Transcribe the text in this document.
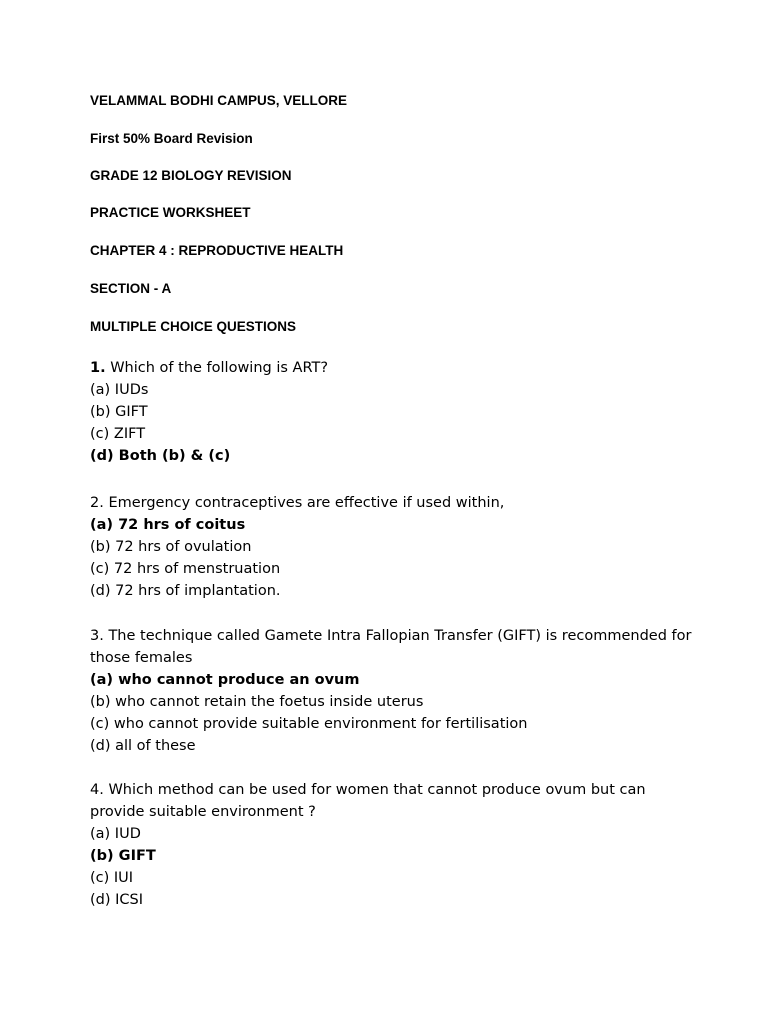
VELAMMAL BODHI CAMPUS, VELLORE
First 50% Board Revision
GRADE 12 BIOLOGY REVISION
PRACTICE WORKSHEET
CHAPTER 4 : REPRODUCTIVE HEALTH
SECTION - A
MULTIPLE CHOICE QUESTIONS
1. Which of the following is ART?
(a) IUDs
(b) GIFT
(c) ZIFT
(d) Both (b) & (c)
2. Emergency contraceptives are effective if used within,
(a) 72 hrs of coitus
(b) 72 hrs of ovulation
(c) 72 hrs of menstruation
(d) 72 hrs of implantation.
3. The technique called Gamete Intra Fallopian Transfer (GIFT) is recommended for
those females
(a) who cannot produce an ovum
(b) who cannot retain the foetus inside uterus
(c) who cannot provide suitable environment for fertilisation
(d) all of these
4. Which method can be used for women that cannot produce ovum but can
provide suitable environment ?
(a) IUD
(b) GIFT
(c) IUI
(d) ICSI
